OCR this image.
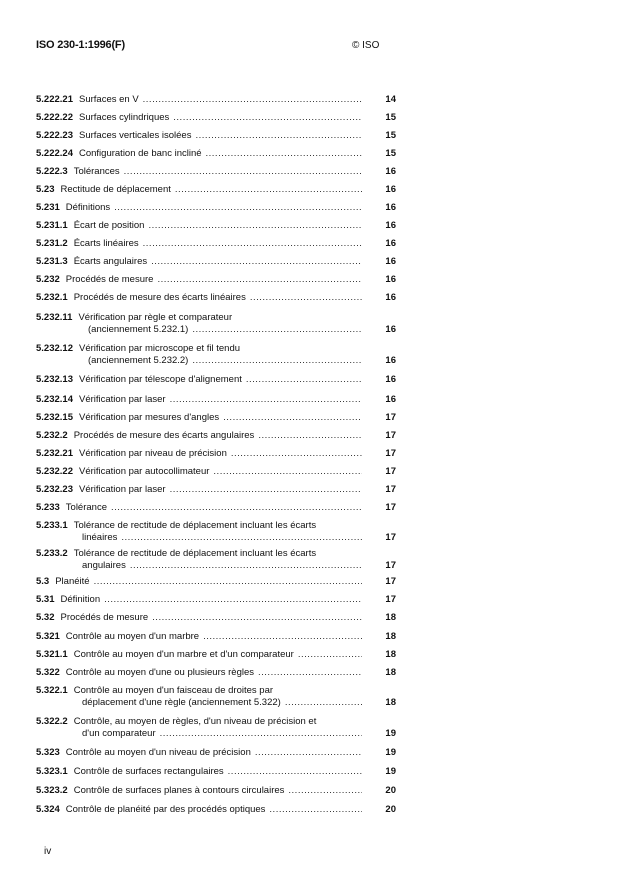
ISO 230-1:1996(F)	© ISO
5.222.21 Surfaces en V .....	14
5.222.22 Surfaces cylindriques .....	15
5.222.23 Surfaces verticales isolées .....	15
5.222.24 Configuration de banc incliné .....	15
5.222.3 Tolérances .....	16
5.23 Rectitude de déplacement .....	16
5.231 Définitions .....	16
5.231.1 Écart de position .....	16
5.231.2 Écarts linéaires .....	16
5.231.3 Écarts angulaires .....	16
5.232 Procédés de mesure .....	16
5.232.1 Procédés de mesure des écarts linéaires .....	16
5.232.11 Vérification par règle et comparateur
(anciennement 5.232.1) .....	16
5.232.12 Vérification par microscope et fil tendu
(anciennement 5.232.2) .....	16
5.232.13 Vérification par télescope d'alignement .....	16
5.232.14 Vérification par laser .....	16
5.232.15 Vérification par mesures d'angles .....	17
5.232.2 Procédés de mesure des écarts angulaires .....	17
5.232.21 Vérification par niveau de précision .....	17
5.232.22 Vérification par autocollimateur .....	17
5.232.23 Vérification par laser .....	17
5.233 Tolérance .....	17
5.233.1 Tolérance de rectitude de déplacement incluant les écarts
linéaires .....	17
5.233.2 Tolérance de rectitude de déplacement incluant les écarts
angulaires .....	17
5.3 Planéité .....	17
5.31 Définition .....	17
5.32 Procédés de mesure .....	18
5.321 Contrôle au moyen d'un marbre .....	18
5.321.1 Contrôle au moyen d'un marbre et d'un comparateur .....	18
5.322 Contrôle au moyen d'une ou plusieurs règles .....	18
5.322.1 Contrôle au moyen d'un faisceau de droites par
déplacement d'une règle (anciennement 5.322) .....	18
5.322.2 Contrôle, au moyen de règles, d'un niveau de précision et
d'un comparateur .....	19
5.323 Contrôle au moyen d'un niveau de précision .....	19
5.323.1 Contrôle de surfaces rectangulaires .....	19
5.323.2 Contrôle de surfaces planes à contours circulaires .....	20
5.324 Contrôle de planéité par des procédés optiques .....	20
iv
